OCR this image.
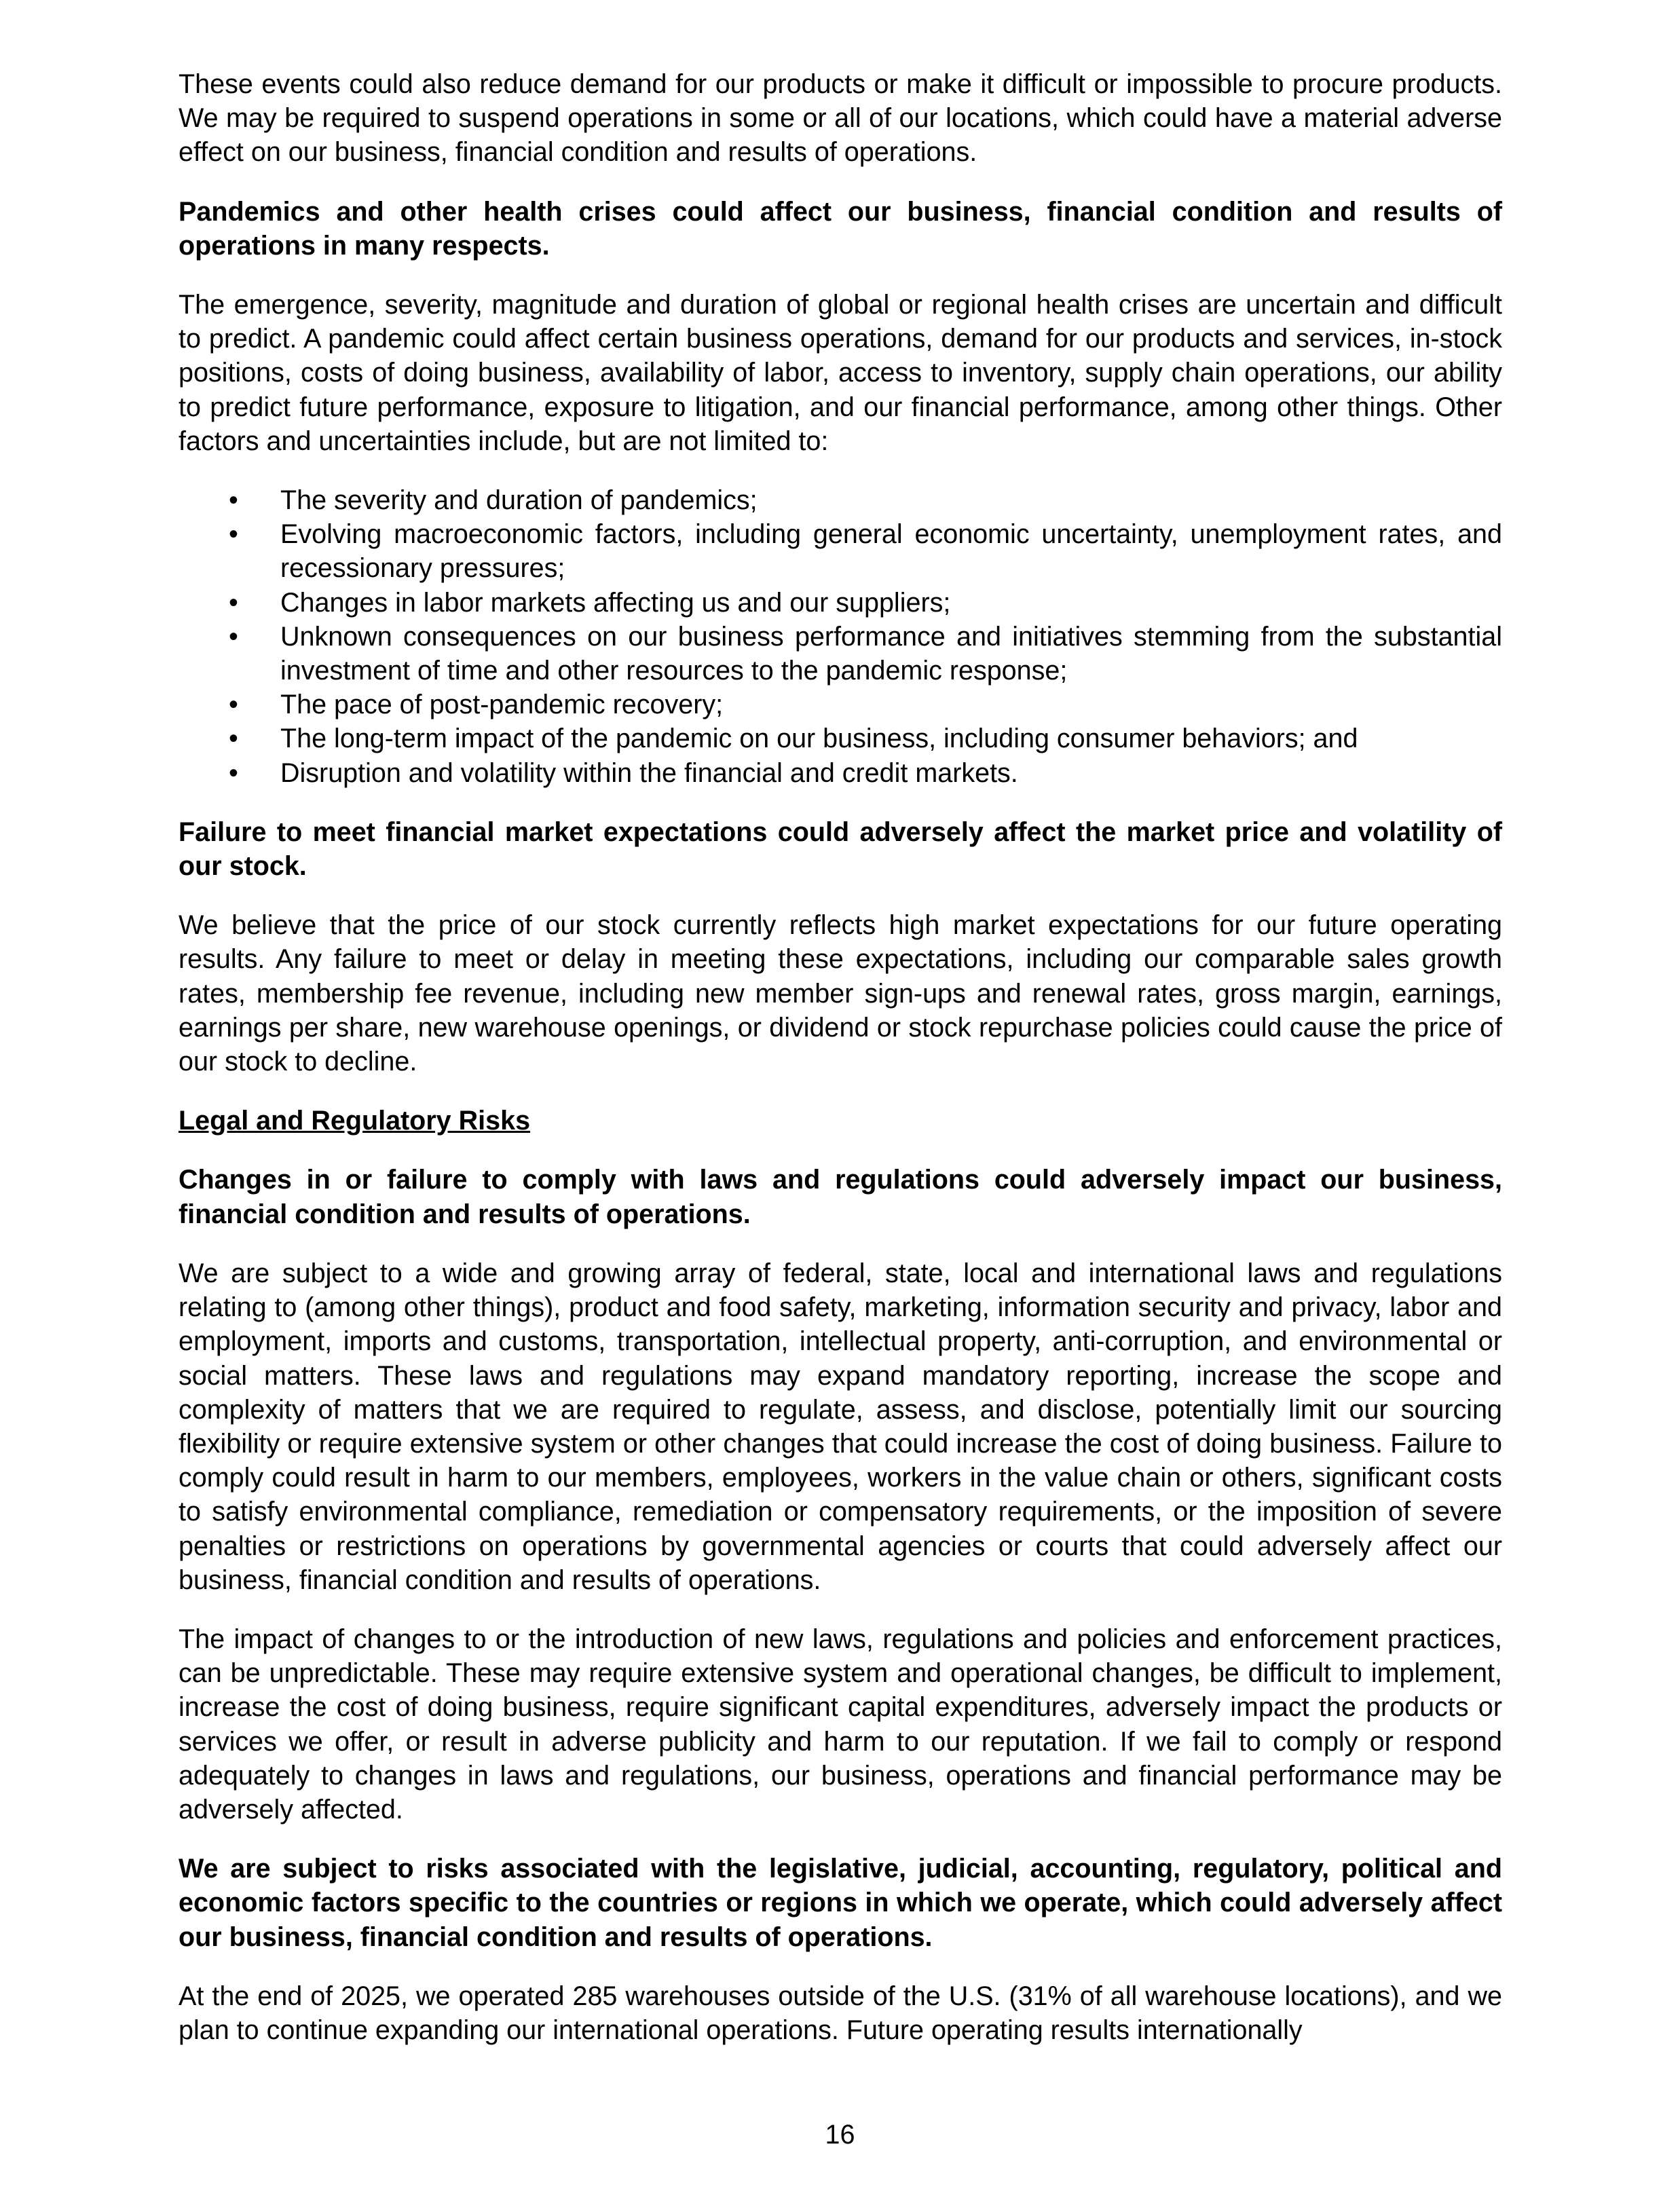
These events could also reduce demand for our products or make it difficult or impossible to procure products. We may be required to suspend operations in some or all of our locations, which could have a material adverse effect on our business, financial condition and results of operations.

Pandemics and other health crises could affect our business, financial condition and results of operations in many respects.

The emergence, severity, magnitude and duration of global or regional health crises are uncertain and difficult to predict. A pandemic could affect certain business operations, demand for our products and services, in-stock positions, costs of doing business, availability of labor, access to inventory, supply chain operations, our ability to predict future performance, exposure to litigation, and our financial performance, among other things. Other factors and uncertainties include, but are not limited to:

• The severity and duration of pandemics;
• Evolving macroeconomic factors, including general economic uncertainty, unemployment rates, and recessionary pressures;
• Changes in labor markets affecting us and our suppliers;
• Unknown consequences on our business performance and initiatives stemming from the substantial investment of time and other resources to the pandemic response;
• The pace of post-pandemic recovery;
• The long-term impact of the pandemic on our business, including consumer behaviors; and
• Disruption and volatility within the financial and credit markets.

Failure to meet financial market expectations could adversely affect the market price and volatility of our stock.

We believe that the price of our stock currently reflects high market expectations for our future operating results. Any failure to meet or delay in meeting these expectations, including our comparable sales growth rates, membership fee revenue, including new member sign-ups and renewal rates, gross margin, earnings, earnings per share, new warehouse openings, or dividend or stock repurchase policies could cause the price of our stock to decline.

Legal and Regulatory Risks

Changes in or failure to comply with laws and regulations could adversely impact our business, financial condition and results of operations.

We are subject to a wide and growing array of federal, state, local and international laws and regulations relating to (among other things), product and food safety, marketing, information security and privacy, labor and employment, imports and customs, transportation, intellectual property, anti-corruption, and environmental or social matters. These laws and regulations may expand mandatory reporting, increase the scope and complexity of matters that we are required to regulate, assess, and disclose, potentially limit our sourcing flexibility or require extensive system or other changes that could increase the cost of doing business. Failure to comply could result in harm to our members, employees, workers in the value chain or others, significant costs to satisfy environmental compliance, remediation or compensatory requirements, or the imposition of severe penalties or restrictions on operations by governmental agencies or courts that could adversely affect our business, financial condition and results of operations.

The impact of changes to or the introduction of new laws, regulations and policies and enforcement practices, can be unpredictable. These may require extensive system and operational changes, be difficult to implement, increase the cost of doing business, require significant capital expenditures, adversely impact the products or services we offer, or result in adverse publicity and harm to our reputation. If we fail to comply or respond adequately to changes in laws and regulations, our business, operations and financial performance may be adversely affected.

We are subject to risks associated with the legislative, judicial, accounting, regulatory, political and economic factors specific to the countries or regions in which we operate, which could adversely affect our business, financial condition and results of operations.

At the end of 2025, we operated 285 warehouses outside of the U.S. (31% of all warehouse locations), and we plan to continue expanding our international operations. Future operating results internationally

16
